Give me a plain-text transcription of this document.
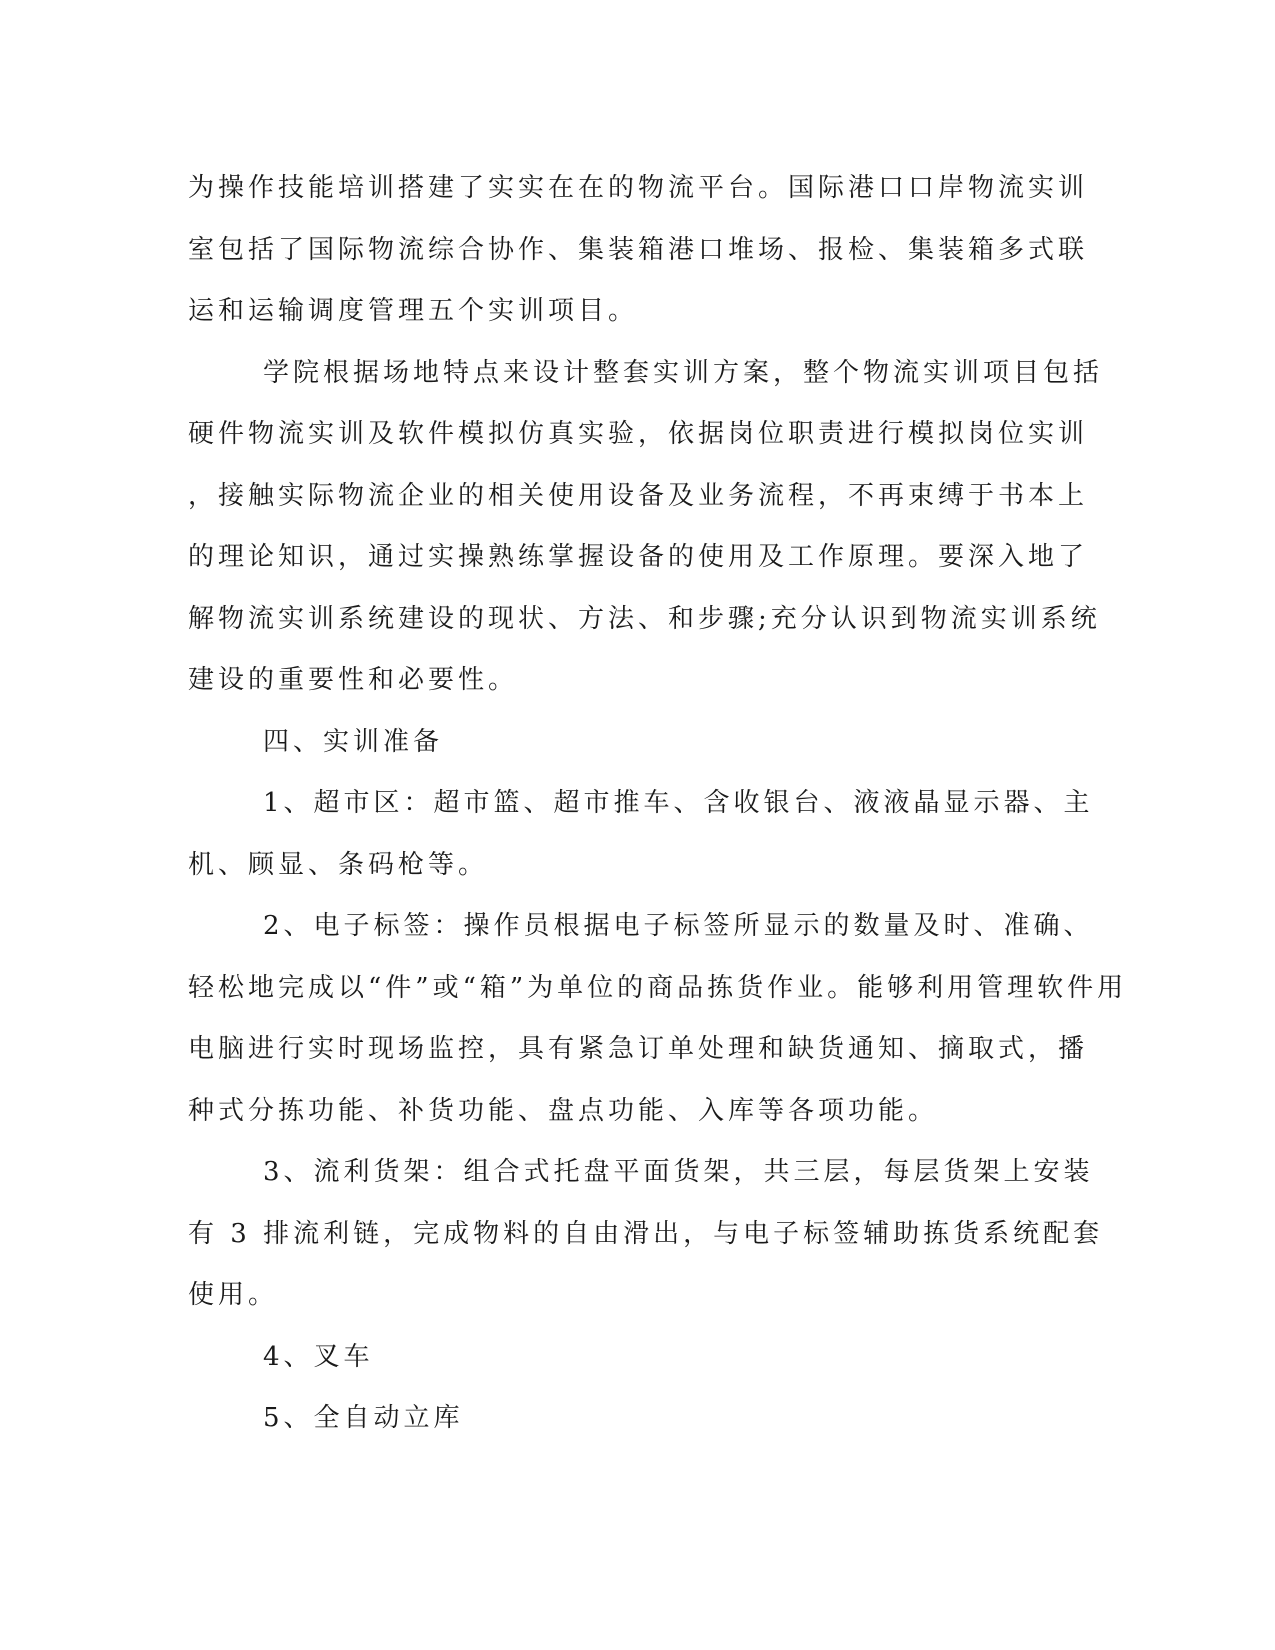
为操作技能培训搭建了实实在在的物流平台。国际港口口岸物流实训
室包括了国际物流综合协作、集装箱港口堆场、报检、集装箱多式联
运和运输调度管理五个实训项目。
学院根据场地特点来设计整套实训方案，整个物流实训项目包括
硬件物流实训及软件模拟仿真实验，依据岗位职责进行模拟岗位实训
，接触实际物流企业的相关使用设备及业务流程，不再束缚于书本上
的理论知识，通过实操熟练掌握设备的使用及工作原理。要深入地了
解物流实训系统建设的现状、方法、和步骤;充分认识到物流实训系统
建设的重要性和必要性。
四、实训准备
1、超市区：超市篮、超市推车、含收银台、液液晶显示器、主
机、顾显、条码枪等。
2、电子标签：操作员根据电子标签所显示的数量及时、准确、
轻松地完成以“件”或“箱”为单位的商品拣货作业。能够利用管理软件用
电脑进行实时现场监控，具有紧急订单处理和缺货通知、摘取式，播
种式分拣功能、补货功能、盘点功能、入库等各项功能。
3、流利货架：组合式托盘平面货架，共三层，每层货架上安装
有 3 排流利链，完成物料的自由滑出，与电子标签辅助拣货系统配套
使用。
4、叉车
5、全自动立库
